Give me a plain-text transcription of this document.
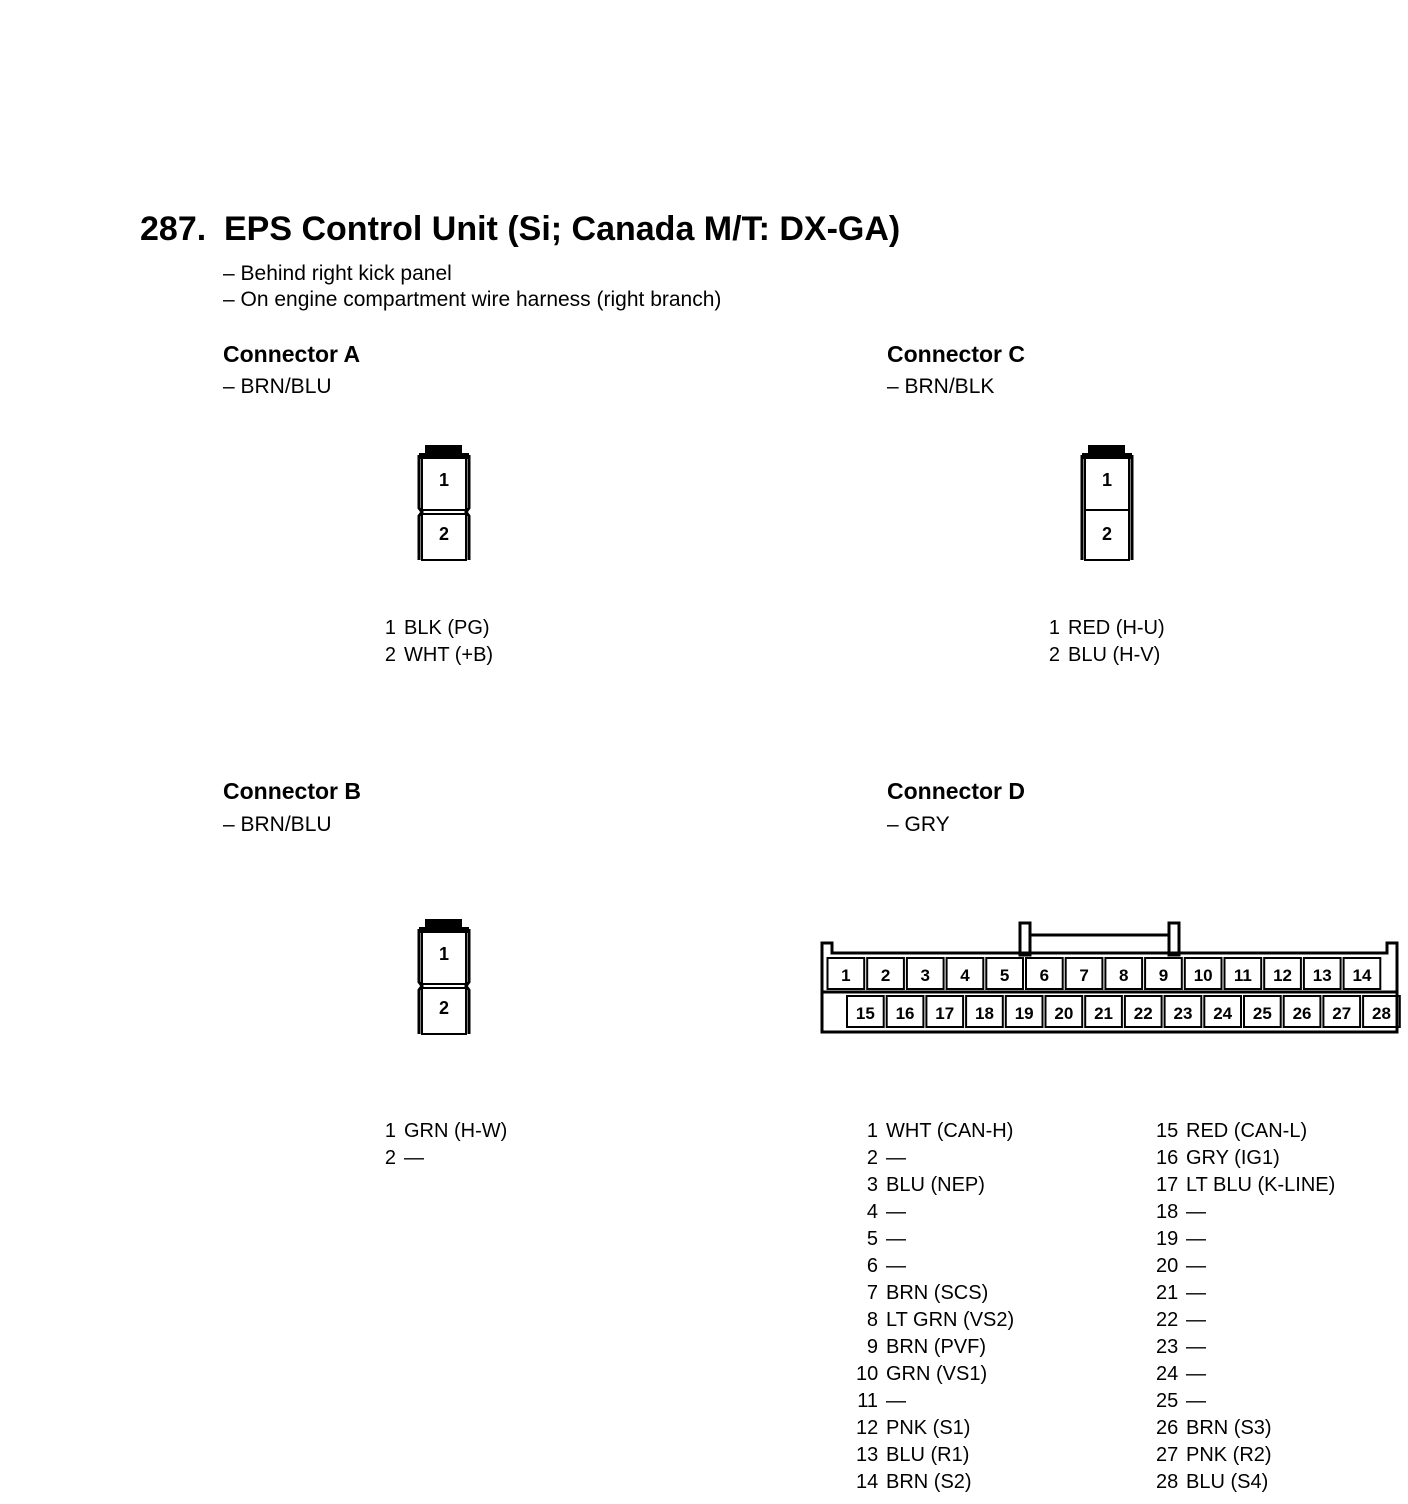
287. EPS Control Unit (Si; Canada M/T: DX-GA)
– Behind right kick panel
– On engine compartment wire harness (right branch)
Connector A
– BRN/BLU
1
2
1 BLK (PG)
2 WHT (+B)
Connector C
– BRN/BLK
1
2
1 RED (H-U)
2 BLU (H-V)
Connector B
– BRN/BLU
1
2
1 GRN (H-W)
2 —
Connector D
– GRY
1 2 3 4 5 6 7 8 9 10 11 12 13 14
15 16 17 18 19 20 21 22 23 24 25 26 27 28
1 WHT (CAN-H)
2 —
3 BLU (NEP)
4 —
5 —
6 —
7 BRN (SCS)
8 LT GRN (VS2)
9 BRN (PVF)
10 GRN (VS1)
11 —
12 PNK (S1)
13 BLU (R1)
14 BRN (S2)
15 RED (CAN-L)
16 GRY (IG1)
17 LT BLU (K-LINE)
18 —
19 —
20 —
21 —
22 —
23 —
24 —
25 —
26 BRN (S3)
27 PNK (R2)
28 BLU (S4)
